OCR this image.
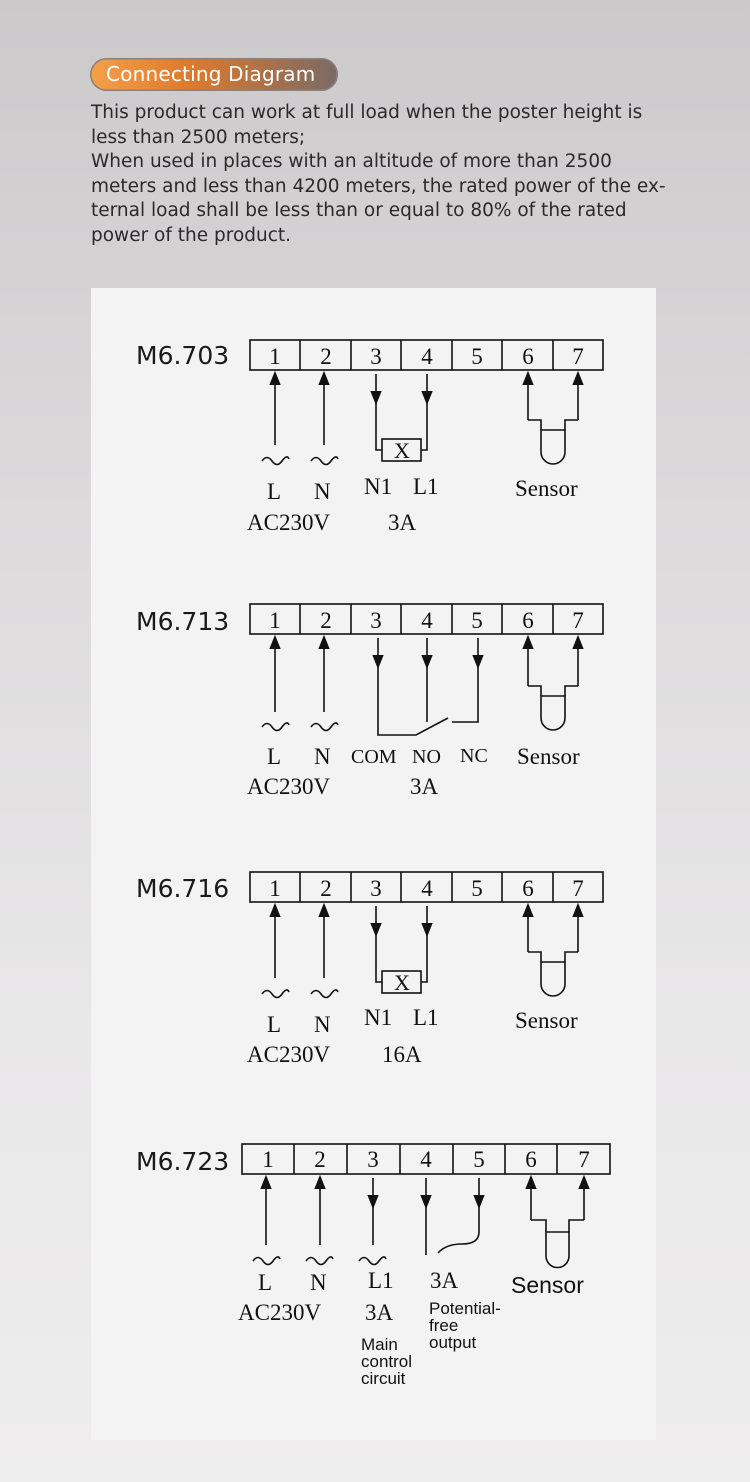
Connecting Diagram

This product can work at full load when the poster height is less than 2500 meters;

When used in places with an altitude of more than 2500 meters and less than 4200 meters, the rated power of the ex-ternal load shall be less than or equal to 80% of the rated power of the product.

M6.703 1 2 3 4 5 6 7
X
L N N1 L1	Sensor
AC230V	3A
M6.713 1 2 3 4 5 6 7
L N COM NO NC Sensor
AC230V	3A
M6.716 1 2 3 4 5 6 7
X
L N N1 L1	Sensor
AC230V 16A
M6.723 1 2 3 4 5 6 7
L N L1 3A
AC230V 3A
Sensor
Potential-
free
output
Main
control
circuit
